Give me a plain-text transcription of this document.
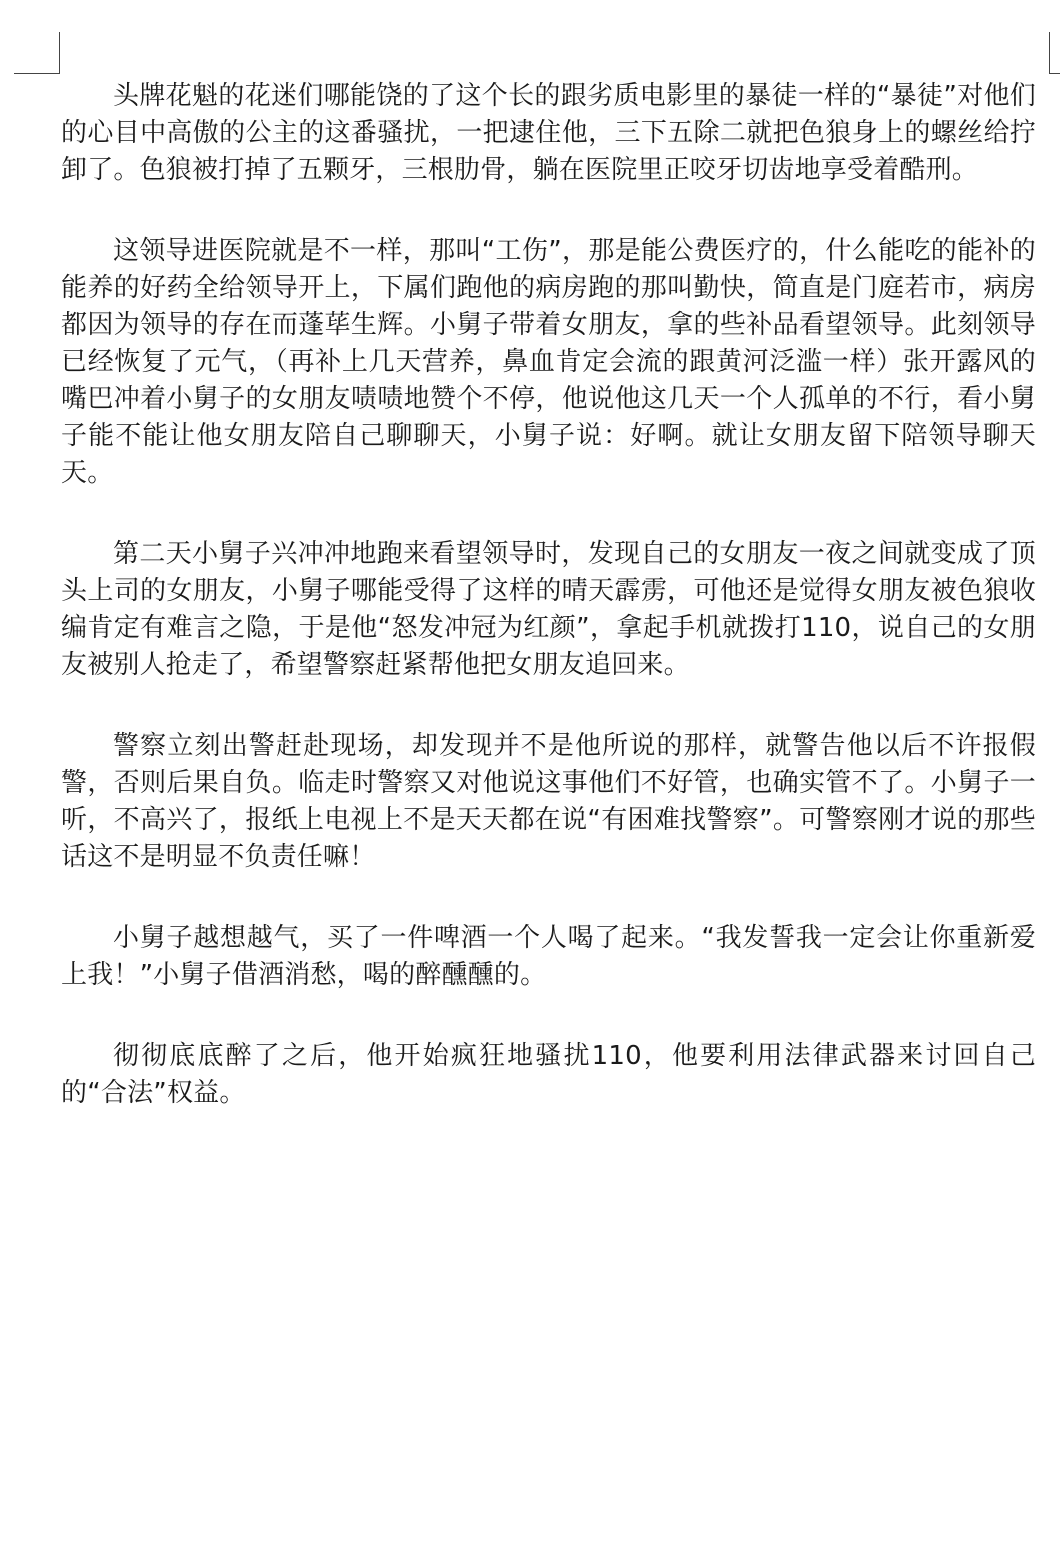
头牌花魁的花迷们哪能饶的了这个长的跟劣质电影里的暴徒一样的“暴徒”对他们的心目中高傲的公主的这番骚扰，一把逮住他，三下五除二就把色狼身上的螺丝给拧卸了。色狼被打掉了五颗牙，三根肋骨，躺在医院里正咬牙切齿地享受着酷刑。

这领导进医院就是不一样，那叫“工伤”，那是能公费医疗的，什么能吃的能补的能养的好药全给领导开上，下属们跑他的病房跑的那叫勤快，简直是门庭若市，病房都因为领导的存在而蓬荜生辉。小舅子带着女朋友，拿的些补品看望领导。此刻领导已经恢复了元气，（再补上几天营养，鼻血肯定会流的跟黄河泛滥一样）张开露风的嘴巴冲着小舅子的女朋友啧啧地赞个不停，他说他这几天一个人孤单的不行，看小舅子能不能让他女朋友陪自己聊聊天，小舅子说：好啊。就让女朋友留下陪领导聊天天。

第二天小舅子兴冲冲地跑来看望领导时，发现自己的女朋友一夜之间就变成了顶头上司的女朋友，小舅子哪能受得了这样的晴天霹雳，可他还是觉得女朋友被色狼收编肯定有难言之隐，于是他“怒发冲冠为红颜”，拿起手机就拨打110，说自己的女朋友被别人抢走了，希望警察赶紧帮他把女朋友追回来。

警察立刻出警赶赴现场，却发现并不是他所说的那样，就警告他以后不许报假警，否则后果自负。临走时警察又对他说这事他们不好管，也确实管不了。小舅子一听，不高兴了，报纸上电视上不是天天都在说“有困难找警察”。可警察刚才说的那些话这不是明显不负责任嘛！

小舅子越想越气，买了一件啤酒一个人喝了起来。“我发誓我一定会让你重新爱上我！”小舅子借酒消愁，喝的醉醺醺的。

彻彻底底醉了之后，他开始疯狂地骚扰110，他要利用法律武器来讨回自己的“合法”权益。
